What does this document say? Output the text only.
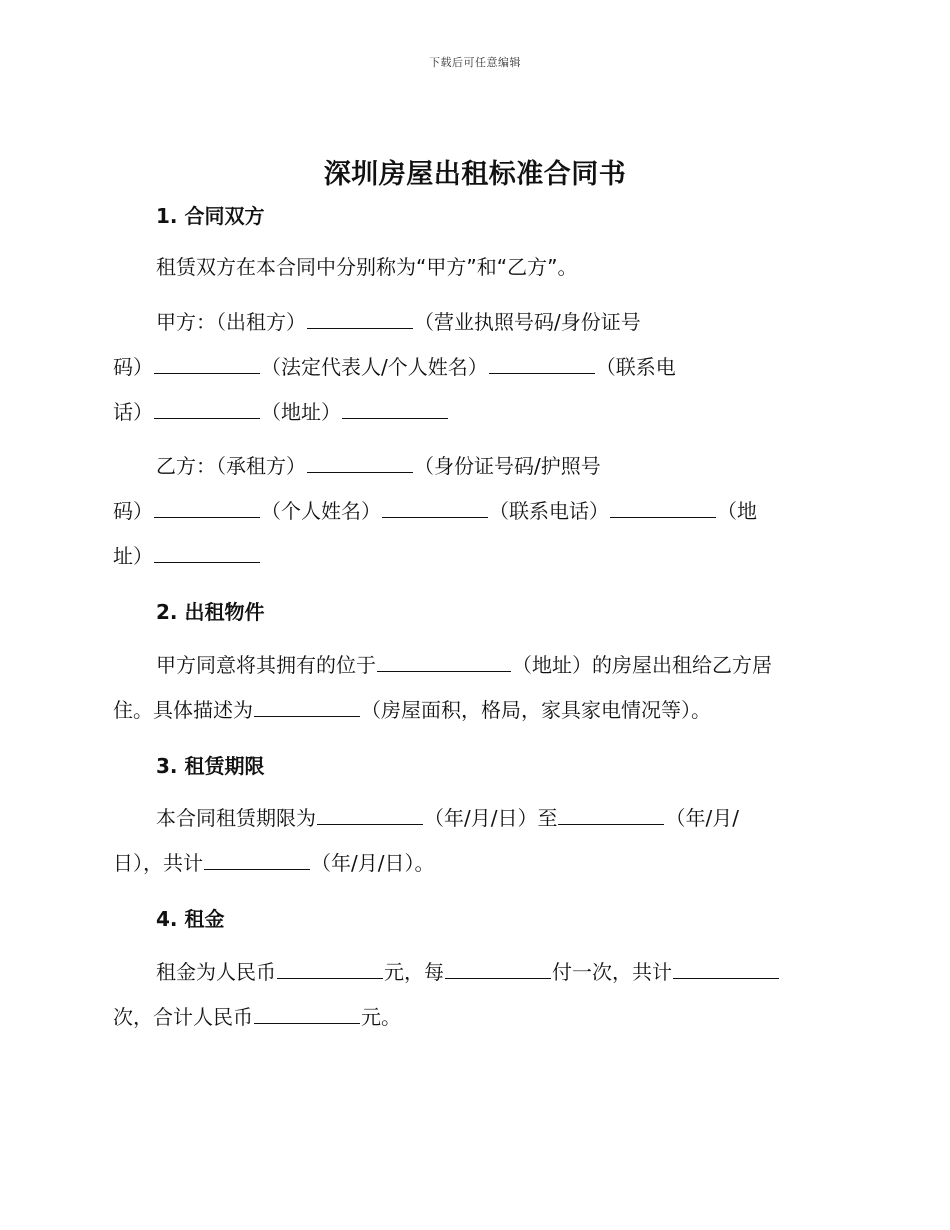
下载后可任意编辑
深圳房屋出租标准合同书
1. 合同双方
租赁双方在本合同中分别称为“甲方”和“乙方”。
甲方：（出租方）	（营业执照号码/身份证号
码）	（法定代表人/个人姓名）	（联系电
话）	（地址）
乙方：（承租方）	（身份证号码/护照号
码）	（个人姓名）	（联系电话）	（地
址）
2. 出租物件
甲方同意将其拥有的位于	（地址）的房屋出租给乙方居
住。具体描述为	（房屋面积，格局，家具家电情况等）。
3. 租赁期限
本合同租赁期限为	（年/月/日）至	（年/月/
日），共计	（年/月/日）。
4. 租金
租金为人民币	元，每	付一次，共计
次，合计人民币	元。
